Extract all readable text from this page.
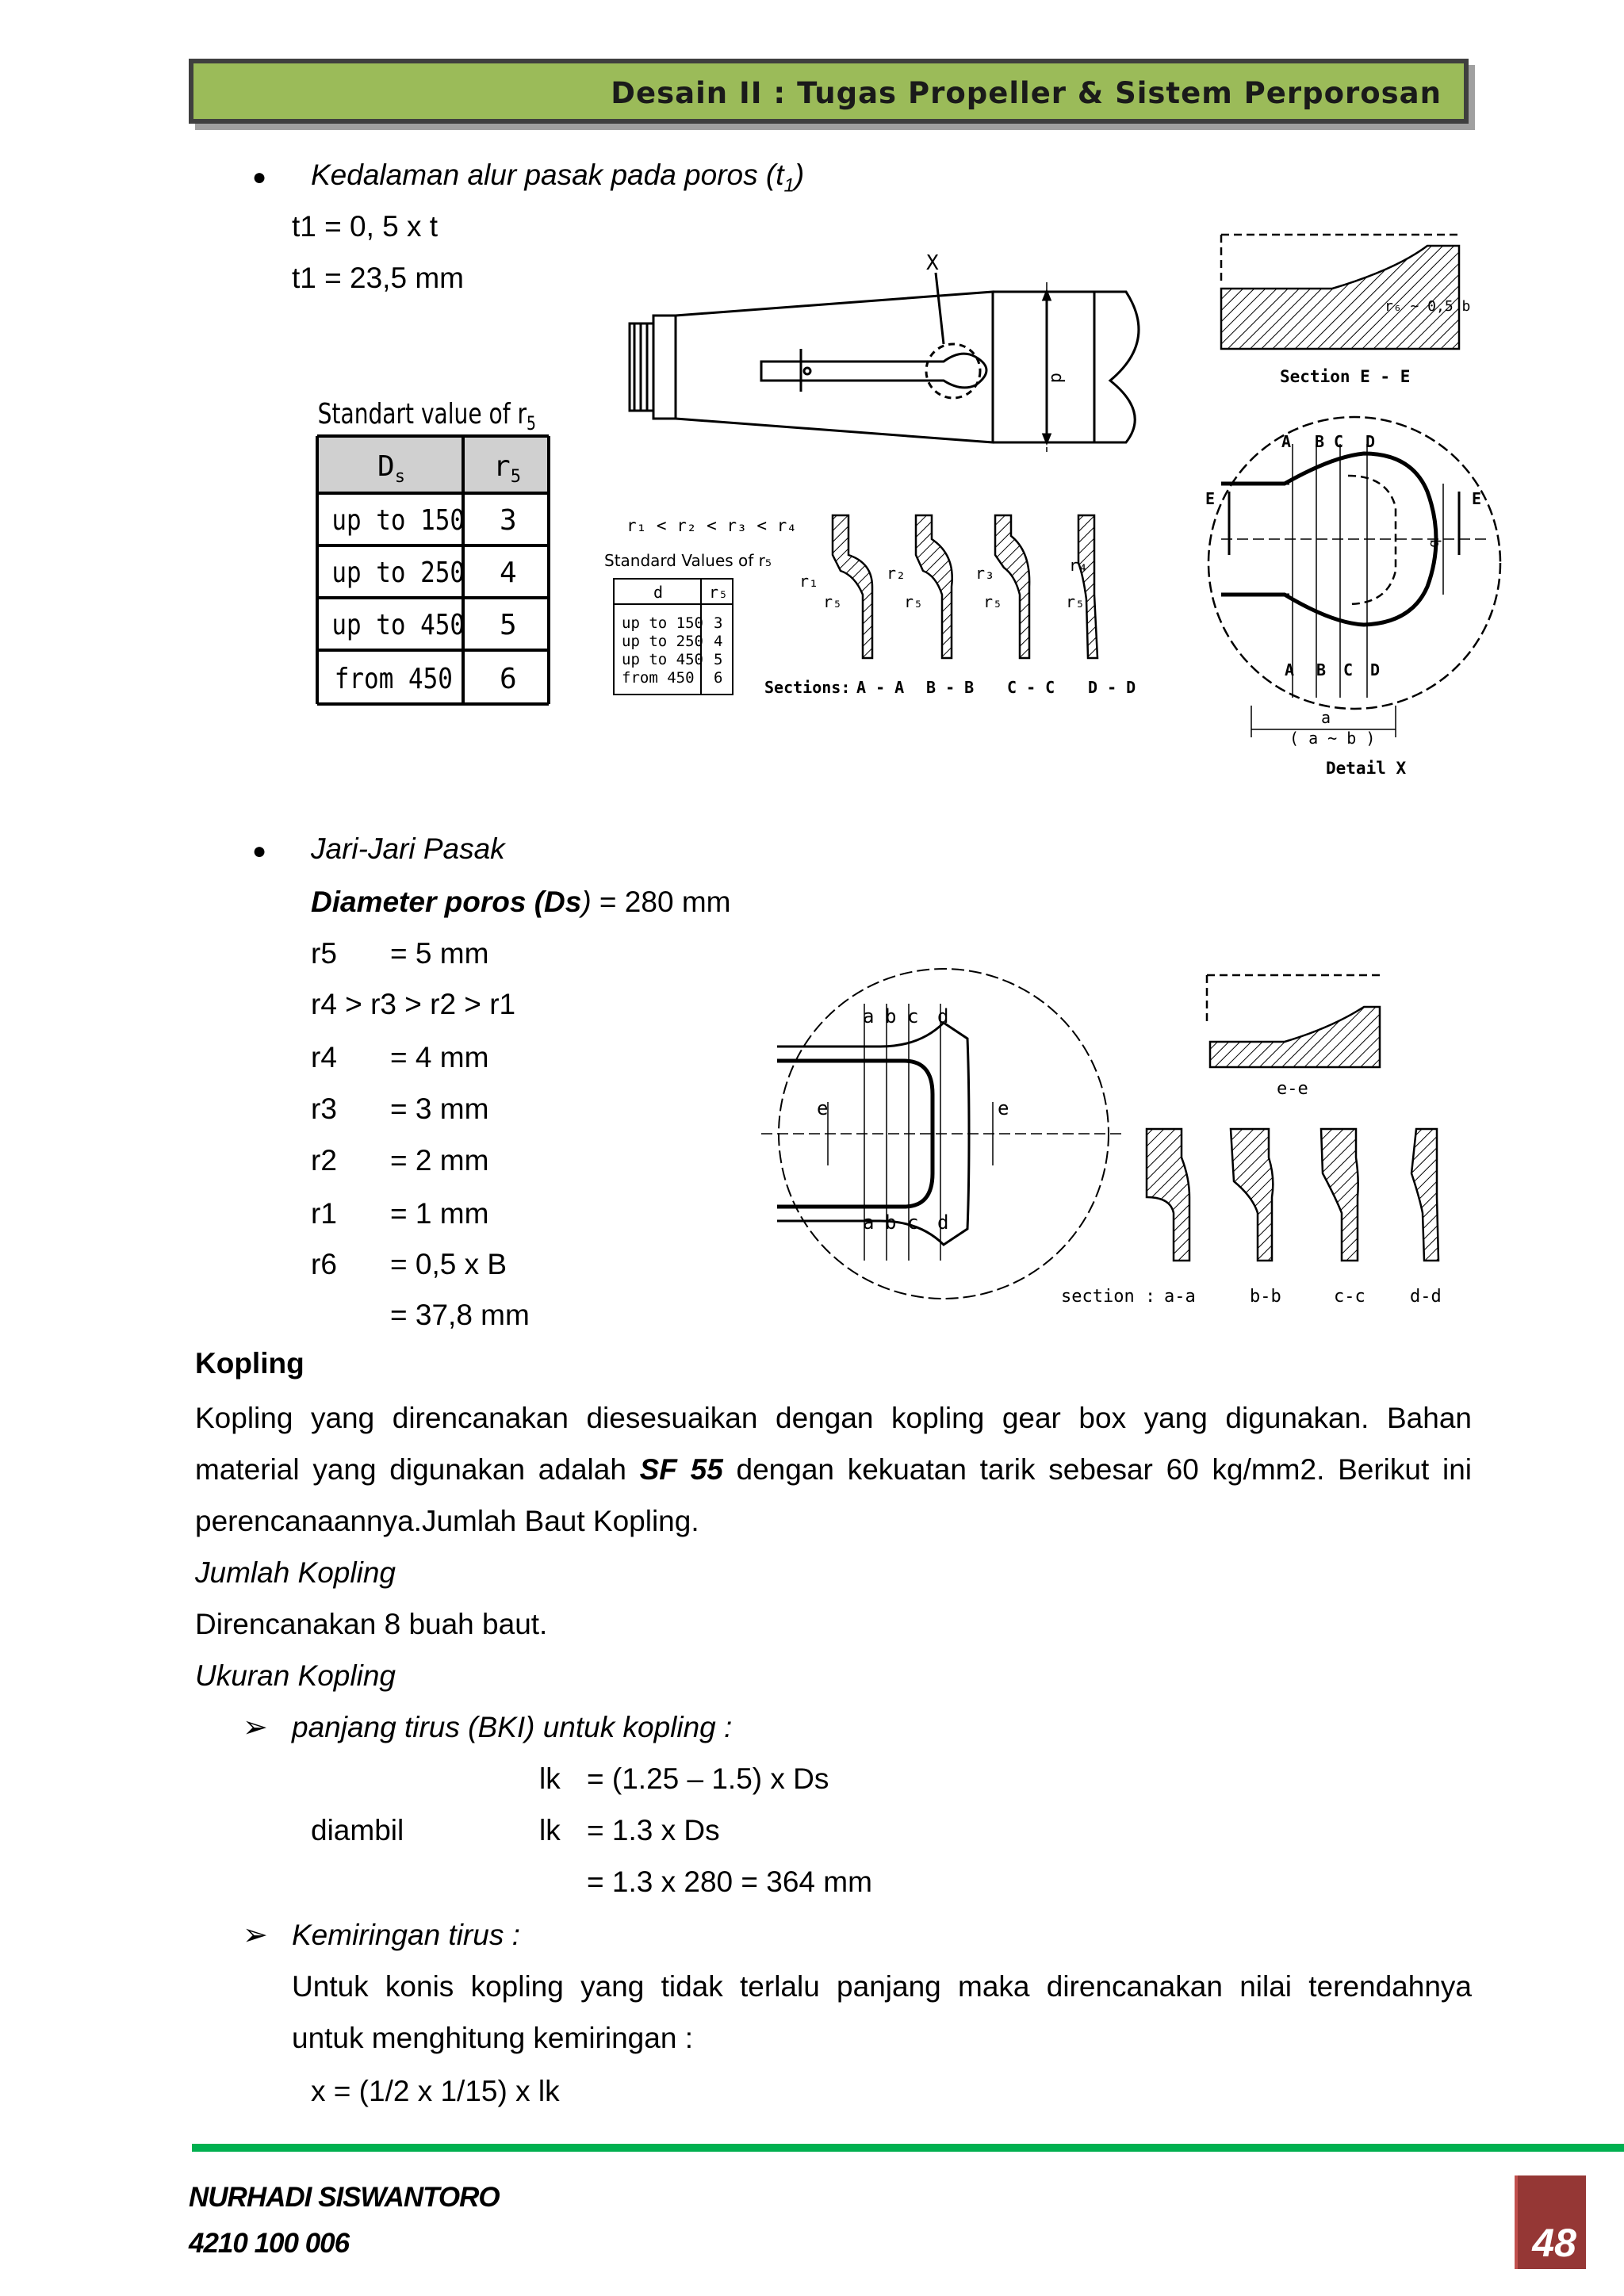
Desain II : Tugas Propeller & Sistem Perporosan
● Kedalaman alur pasak pada poros $(t_1)$
t1 = 0, 5 x t
t1 = 23,5 mm
Standart value of $r_5$
$D_s$	$r_5$
up to 150 3
up to 250 4
up to 450 5
from 450 6
X
d
r₁ < r₂ < r₃ < r₄
Standard Values of r₅
d	r₅
up to 150 3
up to 250 4
up to 450 5
from 450 6
r₁
r₅
r₂
r₅
r₃
r₅
r₄
r₅
Sections: A - A B - B C - C D - D
r₆ ~ 0,5 b
Section E - E
A B C D
E	E
A B C D
b
a
( a ~ b )
Detail X
● Jari-Jari Pasak
Diameter poros (Ds) = 280 mm
r5 = 5 mm
r4 > r3 > r2 > r1
r4 = 4 mm
r3 = 3 mm
r2 = 2 mm
r1 = 1 mm
r6 = 0,5 x B
= 37,8 mm
a b c d
e	e
a b c d
e-e
section : a-a	b-b	c-c	d-d
Kopling
Kopling yang direncanakan diesesuaikan dengan kopling gear box yang digunakan. Bahan
material yang digunakan adalah SF 55 dengan kekuatan tarik sebesar 60 kg/mm2. Berikut ini
perencanaannya.Jumlah Baut Kopling.
Jumlah Kopling
Direncanakan 8 buah baut.
Ukuran Kopling
➢ panjang tirus (BKI) untuk kopling :
lk = (1.25 – 1.5) x Ds
diambil	lk = 1.3 x Ds
= 1.3 x 280 = 364 mm
➢ Kemiringan tirus :
Untuk konis kopling yang tidak terlalu panjang maka direncanakan nilai terendahnya
untuk menghitung kemiringan :
x = (1/2 x 1/15) x lk
NURHADI SISWANTORO
4210 100 006	48
